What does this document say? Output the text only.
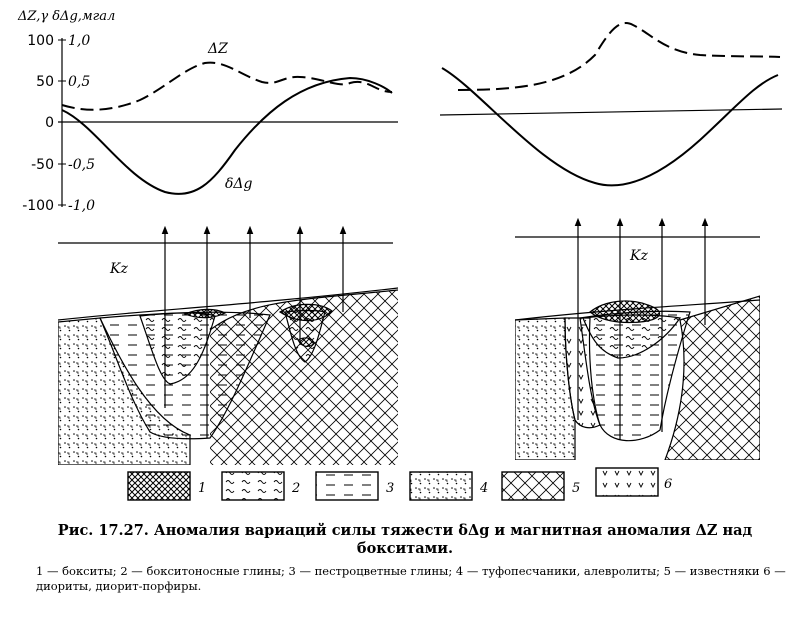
ΔZ,γ δΔg,мгал
100
50
0
-50
-100
1,0
0,5
-0,5
-1,0
ΔZ
δΔg
Kz
Kz
1	2	3	4	5	6

Рис. 17.27. Аномалия вариаций силы тяжести δΔg и магнитная аномалия ΔZ над бокситами.

1 — бокситы; 2 — бокситоносные глины; 3 — пестроцветные глины; 4 — туфопесчаники, алевролиты; 5 — известняки 6 — диориты, диорит-порфиры.
